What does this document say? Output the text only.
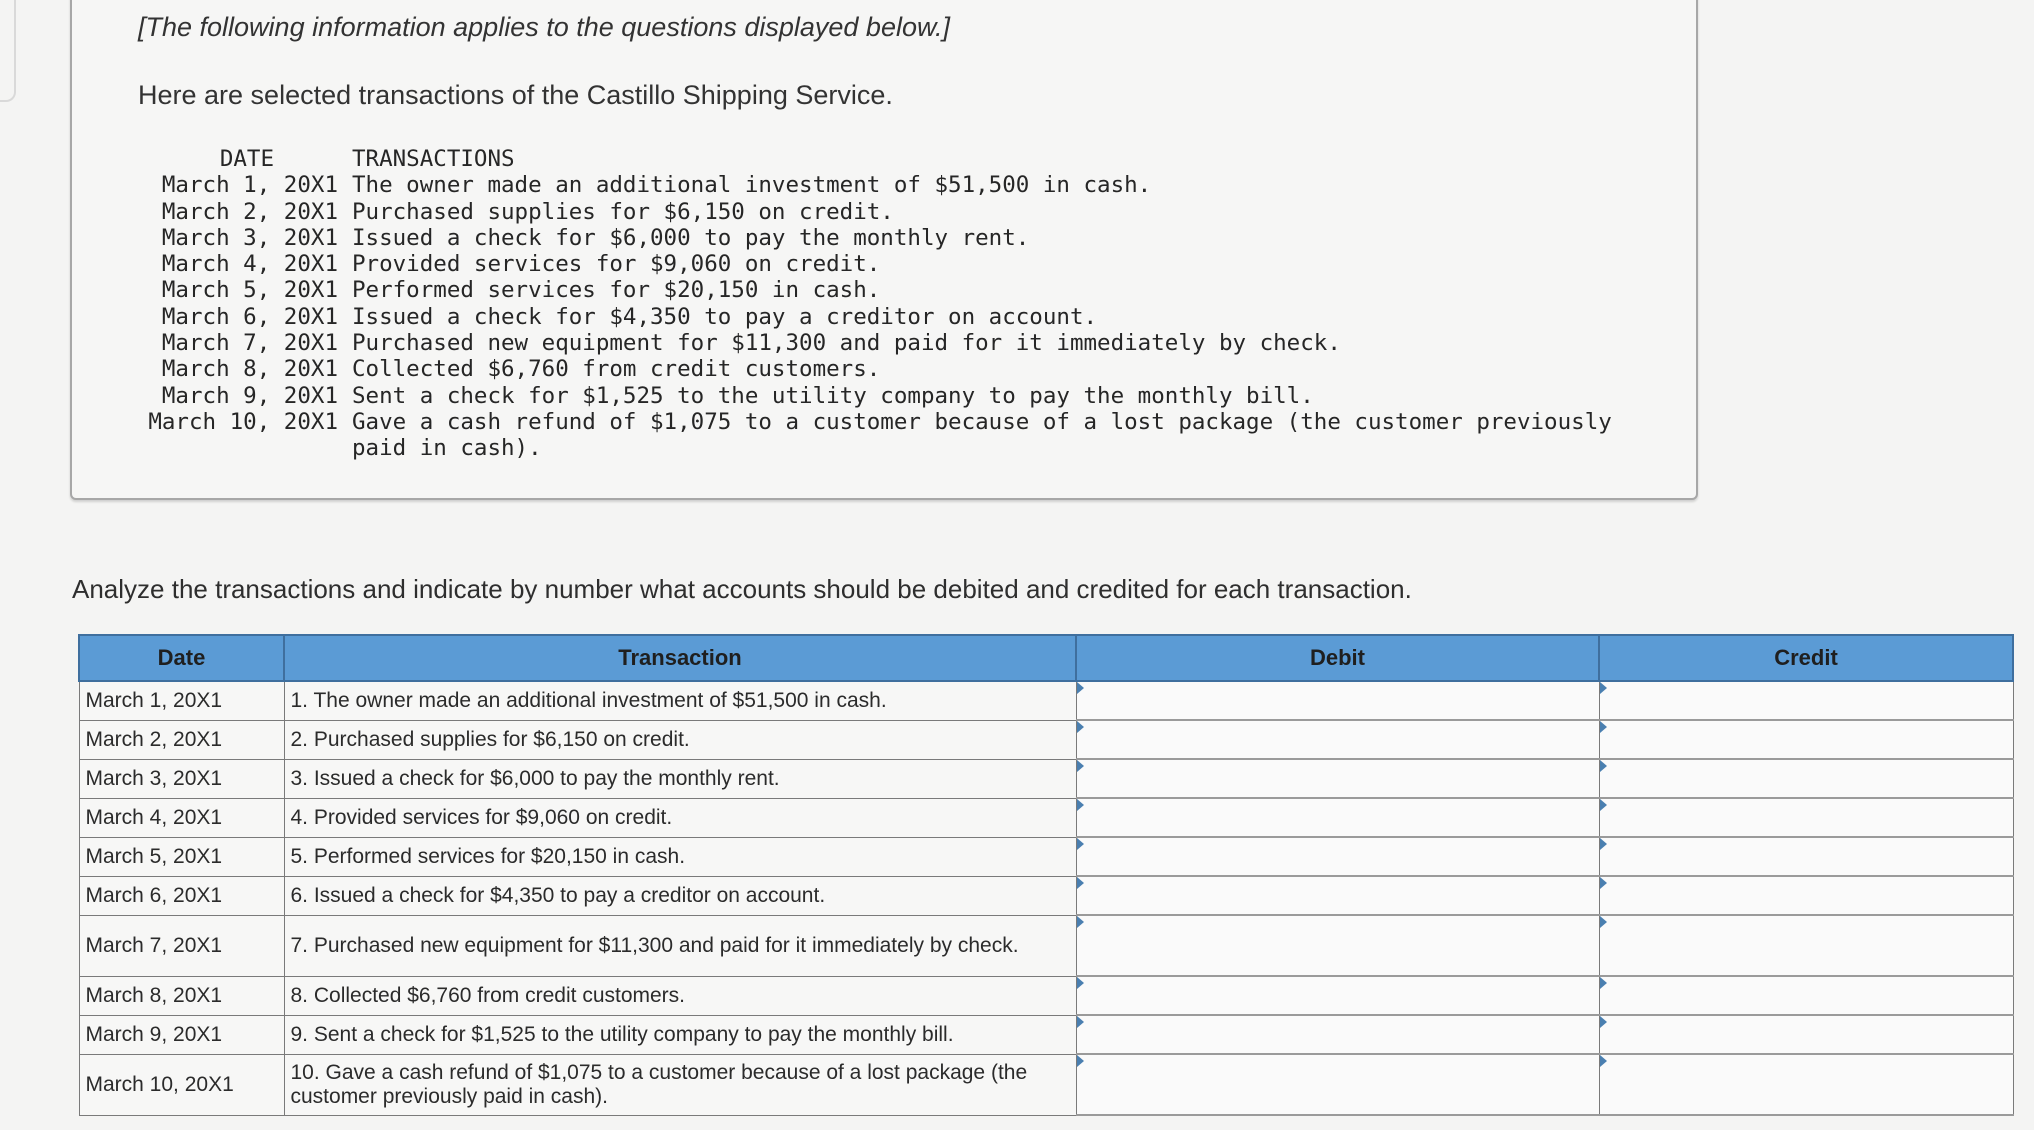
[The following information applies to the questions displayed below.]
Here are selected transactions of the Castillo Shipping Service.
DATE	TRANSACTIONS
March 1, 20X1 The owner made an additional investment of $51,500 in cash.
March 2, 20X1 Purchased supplies for $6,150 on credit.
March 3, 20X1 Issued a check for $6,000 to pay the monthly rent.
March 4, 20X1 Provided services for $9,060 on credit.
March 5, 20X1 Performed services for $20,150 in cash.
March 6, 20X1 Issued a check for $4,350 to pay a creditor on account.
March 7, 20X1 Purchased new equipment for $11,300 and paid for it immediately by check.
March 8, 20X1 Collected $6,760 from credit customers.
March 9, 20X1 Sent a check for $1,525 to the utility company to pay the monthly bill.
March 10, 20X1 Gave a cash refund of $1,075 to a customer because of a lost package (the customer previously
paid in cash).
Analyze the transactions and indicate by number what accounts should be debited and credited for each transaction.
Date	Transaction	Debit	Credit
March 1, 20X1	1. The owner made an additional investment of $51,500 in cash.		
March 2, 20X1	2. Purchased supplies for $6,150 on credit.		
March 3, 20X1	3. Issued a check for $6,000 to pay the monthly rent.		
March 4, 20X1	4. Provided services for $9,060 on credit.		
March 5, 20X1	5. Performed services for $20,150 in cash.		
March 6, 20X1	6. Issued a check for $4,350 to pay a creditor on account.		
March 7, 20X1	7. Purchased new equipment for $11,300 and paid for it immediately by check.		
March 8, 20X1	8. Collected $6,760 from credit customers.		
March 9, 20X1	9. Sent a check for $1,525 to the utility company to pay the monthly bill.		
March 10, 20X1	10. Gave a cash refund of $1,075 to a customer because of a lost package (the customer previously paid in cash).		
